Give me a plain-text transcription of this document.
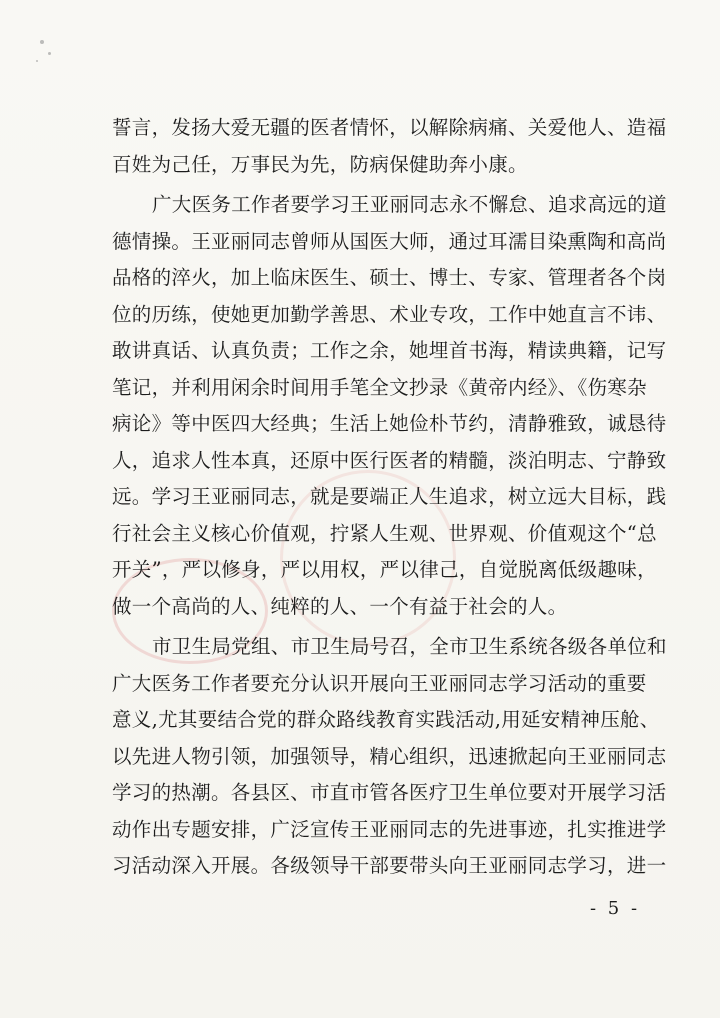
誓言，发扬大爱无疆的医者情怀，以解除病痛、关爱他人、造福
百姓为己任，万事民为先，防病保健助奔小康。
广大医务工作者要学习王亚丽同志永不懈怠、追求高远的道
德情操。王亚丽同志曾师从国医大师，通过耳濡目染熏陶和高尚
品格的淬火，加上临床医生、硕士、博士、专家、管理者各个岗
位的历练，使她更加勤学善思、术业专攻，工作中她直言不讳、
敢讲真话、认真负责；工作之余，她埋首书海，精读典籍，记写
笔记，并利用闲余时间用手笔全文抄录《黄帝内经》、《伤寒杂
病论》等中医四大经典；生活上她俭朴节约，清静雅致，诚恳待
人，追求人性本真，还原中医行医者的精髓，淡泊明志、宁静致
远。学习王亚丽同志，就是要端正人生追求，树立远大目标，践
行社会主义核心价值观，拧紧人生观、世界观、价值观这个“总
开关”，严以修身，严以用权，严以律己，自觉脱离低级趣味，
做一个高尚的人、纯粹的人、一个有益于社会的人。
市卫生局党组、市卫生局号召，全市卫生系统各级各单位和
广大医务工作者要充分认识开展向王亚丽同志学习活动的重要
意义,尤其要结合党的群众路线教育实践活动,用延安精神压舱、
以先进人物引领，加强领导，精心组织，迅速掀起向王亚丽同志
学习的热潮。各县区、市直市管各医疗卫生单位要对开展学习活
动作出专题安排，广泛宣传王亚丽同志的先进事迹，扎实推进学
习活动深入开展。各级领导干部要带头向王亚丽同志学习，进一
- 5 -
